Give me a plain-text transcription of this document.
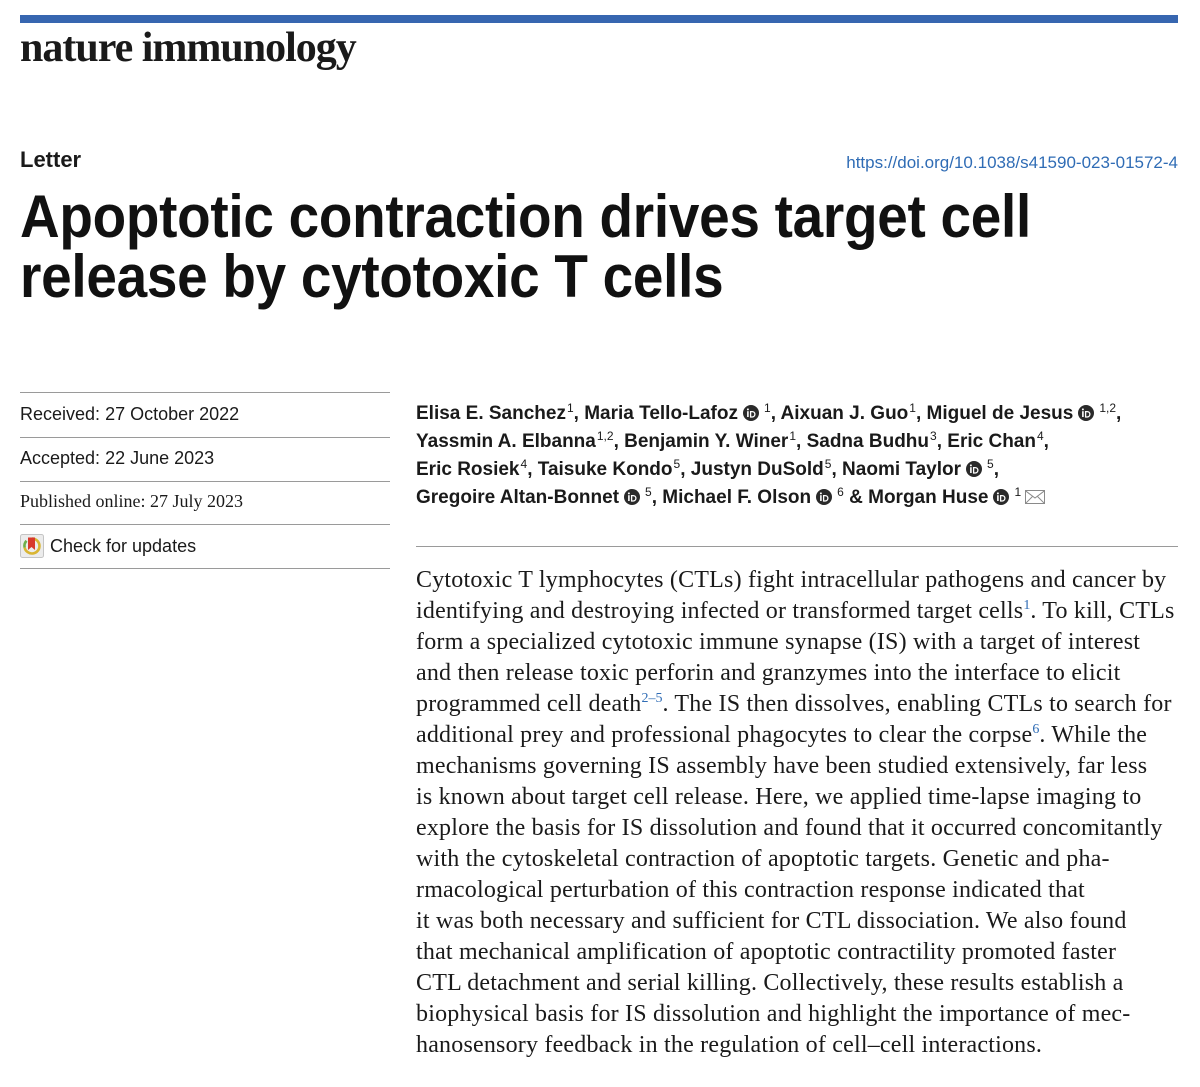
nature immunology
Letter	https://doi.org/10.1038/s41590-023-01572-4
Apoptotic contraction drives target cell
release by cytotoxic T cells
Received: 27 October 2022
Accepted: 22 June 2023
Published online: 27 July 2023
Check for updates
Elisa E. Sanchez$^1$, Maria Tello-Lafoz $^1$, Aixuan J. Guo$^1$, Miguel de Jesus $^{1,2}$,
Yassmin A. Elbanna$^{1,2}$, Benjamin Y. Winer$^1$, Sadna Budhu$^3$, Eric Chan$^4$,
Eric Rosiek$^4$, Taisuke Kondo$^5$, Justyn DuSold$^5$, Naomi Taylor $^5$,
Gregoire Altan-Bonnet $^5$, Michael F. Olson $^6$ & Morgan Huse $^1$
Cytotoxic T lymphocytes (CTLs) fight intracellular pathogens and cancer by
identifying and destroying infected or transformed target cells$^1$. To kill, CTLs
form a specialized cytotoxic immune synapse (IS) with a target of interest
and then release toxic perforin and granzymes into the interface to elicit
programmed cell death$^{2-5}$. The IS then dissolves, enabling CTLs to search for
additional prey and professional phagocytes to clear the corpse$^6$. While the
mechanisms governing IS assembly have been studied extensively, far less
is known about target cell release. Here, we applied time-lapse imaging to
explore the basis for IS dissolution and found that it occurred concomitantly
with the cytoskeletal contraction of apoptotic targets. Genetic and pha-
rmacological perturbation of this contraction response indicated that
it was both necessary and sufficient for CTL dissociation. We also found
that mechanical amplification of apoptotic contractility promoted faster
CTL detachment and serial killing. Collectively, these results establish a
biophysical basis for IS dissolution and highlight the importance of mec-
hanosensory feedback in the regulation of cell–cell interactions.
